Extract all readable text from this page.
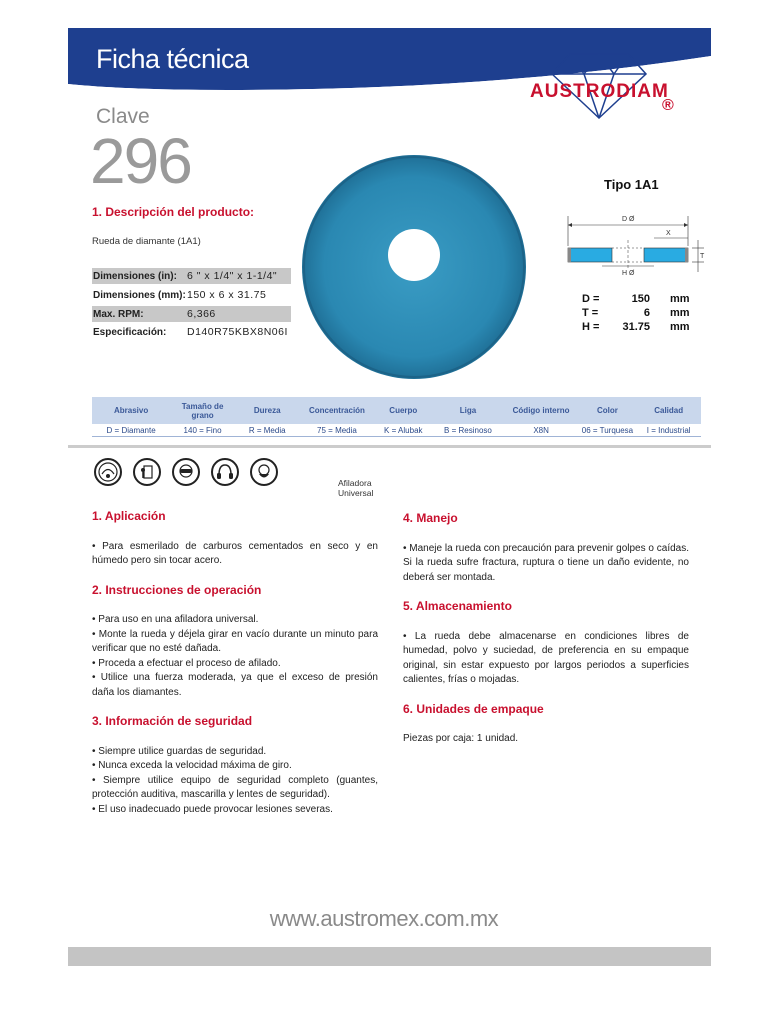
Ficha técnica
AUSTRODIAM
®
Clave
296
1. Descripción del producto:
Rueda de diamante (1A1)
Dimensiones (in): 6 " x 1/4" x 1-1/4"
Dimensiones (mm): 150 x 6 x 31.75
Max. RPM:	6,366
Especificación:	D140R75KBX8N06I
Tipo 1A1
D Ø
X
H Ø
T
D =	150	mm
T =	6	mm
H =	31.75	mm
Abrasivo	Tamaño de grano	Dureza	Concentración	Cuerpo	Liga	Código interno	Color	Calidad
D = Diamante	140 = Fino	R = Media	75 = Media	K = Alubak	B = Resinoso	X8N	06 = Turquesa	I = Industrial
Afiladora
Universal
1. Aplicación

• Para esmerilado de carburos cementados en seco y en húmedo pero sin tocar acero.

2. Instrucciones de operación

• Para uso en una afiladora universal.

• Monte la rueda y déjela girar en vacío durante un minuto para verificar que no esté dañada.

• Proceda a efectuar el proceso de afilado.

• Utilice una fuerza moderada, ya que el exceso de presión daña los diamantes.

3. Información de seguridad

• Siempre utilice guardas de seguridad.

• Nunca exceda la velocidad máxima de giro.

• Siempre utilice equipo de seguridad completo (guantes, protección auditiva, mascarilla y lentes de seguridad).

• El uso inadecuado puede provocar lesiones severas.

4. Manejo

• Maneje la rueda con precaución para prevenir golpes o caídas. Si la rueda sufre fractura, ruptura o tiene un daño evidente, no deberá ser montada.

5. Almacenamiento

• La rueda debe almacenarse en condiciones libres de humedad, polvo y suciedad, de preferencia en su empaque original, sin estar expuesto por largos periodos a superficies calientes, frías o mojadas.

6. Unidades de empaque

Piezas por caja: 1 unidad.

www.austromex.com.mx
